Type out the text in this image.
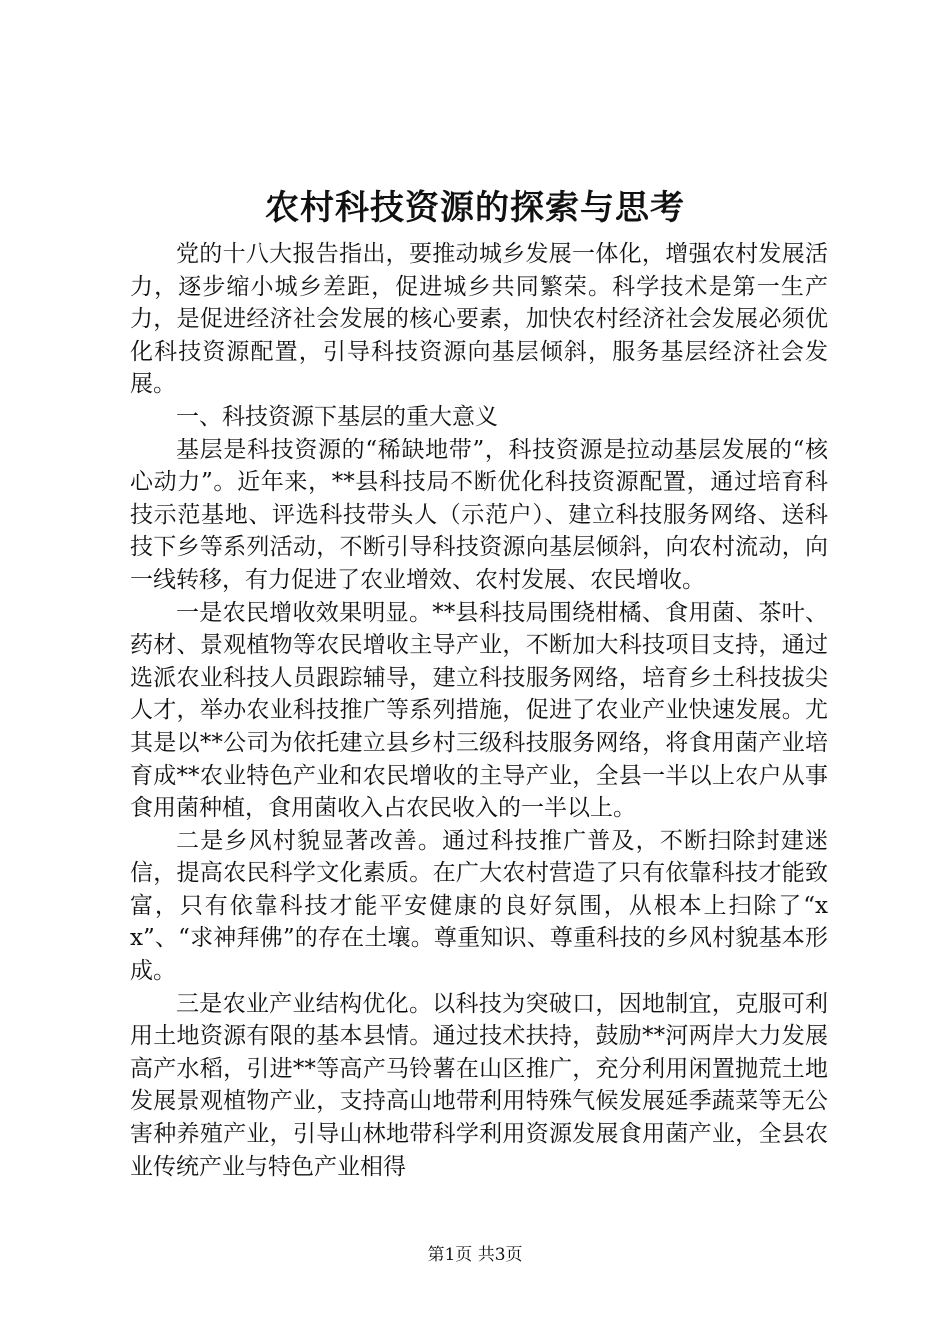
农村科技资源的探索与思考

党的十八大报告指出，要推动城乡发展一体化，增强农村发展活力，逐步缩小城乡差距，促进城乡共同繁荣。科学技术是第一生产力，是促进经济社会发展的核心要素，加快农村经济社会发展必须优化科技资源配置，引导科技资源向基层倾斜，服务基层经济社会发展。

一、科技资源下基层的重大意义

基层是科技资源的“稀缺地带”，科技资源是拉动基层发展的“核心动力”。近年来，**县科技局不断优化科技资源配置，通过培育科技示范基地、评选科技带头人（示范户）、建立科技服务网络、送科技下乡等系列活动，不断引导科技资源向基层倾斜，向农村流动，向一线转移，有力促进了农业增效、农村发展、农民增收。

一是农民增收效果明显。**县科技局围绕柑橘、食用菌、茶叶、药材、景观植物等农民增收主导产业，不断加大科技项目支持，通过选派农业科技人员跟踪辅导，建立科技服务网络，培育乡土科技拔尖人才，举办农业科技推广等系列措施，促进了农业产业快速发展。尤其是以**公司为依托建立县乡村三级科技服务网络，将食用菌产业培育成**农业特色产业和农民增收的主导产业，全县一半以上农户从事食用菌种植，食用菌收入占农民收入的一半以上。

二是乡风村貌显著改善。通过科技推广普及，不断扫除封建迷信，提高农民科学文化素质。在广大农村营造了只有依靠科技才能致富，只有依靠科技才能平安健康的良好氛围，从根本上扫除了“xx”、“求神拜佛”的存在土壤。尊重知识、尊重科技的乡风村貌基本形成。

三是农业产业结构优化。以科技为突破口，因地制宜，克服可利用土地资源有限的基本县情。通过技术扶持，鼓励**河两岸大力发展高产水稻，引进**等高产马铃薯在山区推广，充分利用闲置抛荒土地发展景观植物产业，支持高山地带利用特殊气候发展延季蔬菜等无公害种养殖产业，引导山林地带科学利用资源发展食用菌产业，全县农业传统产业与特色产业相得

第1页 共3页
